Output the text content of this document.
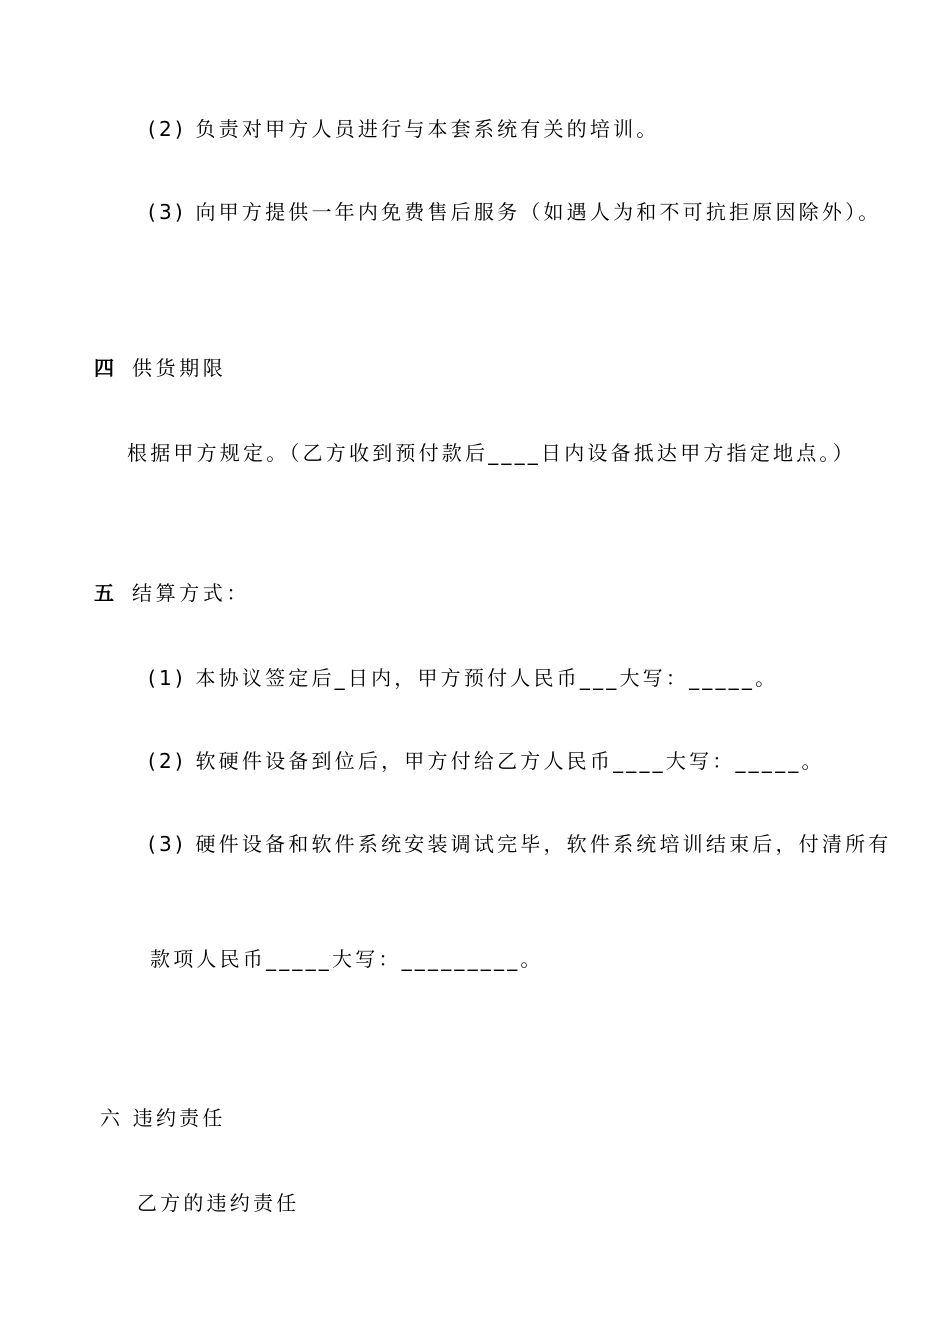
(2) 负责对甲方人员进行与本套系统有关的培训。
(3) 向甲方提供一年内免费售后服务（如遇人为和不可抗拒原因除外）。
四 供货期限
根据甲方规定。（乙方收到预付款后____日内设备抵达甲方指定地点。）
五 结算方式：
(1) 本协议签定后_日内，甲方预付人民币___大写：_____。
(2) 软硬件设备到位后，甲方付给乙方人民币____大写：_____。
(3) 硬件设备和软件系统安装调试完毕，软件系统培训结束后，付清所有
款项人民币_____大写：_________。
六 违约责任
乙方的违约责任
